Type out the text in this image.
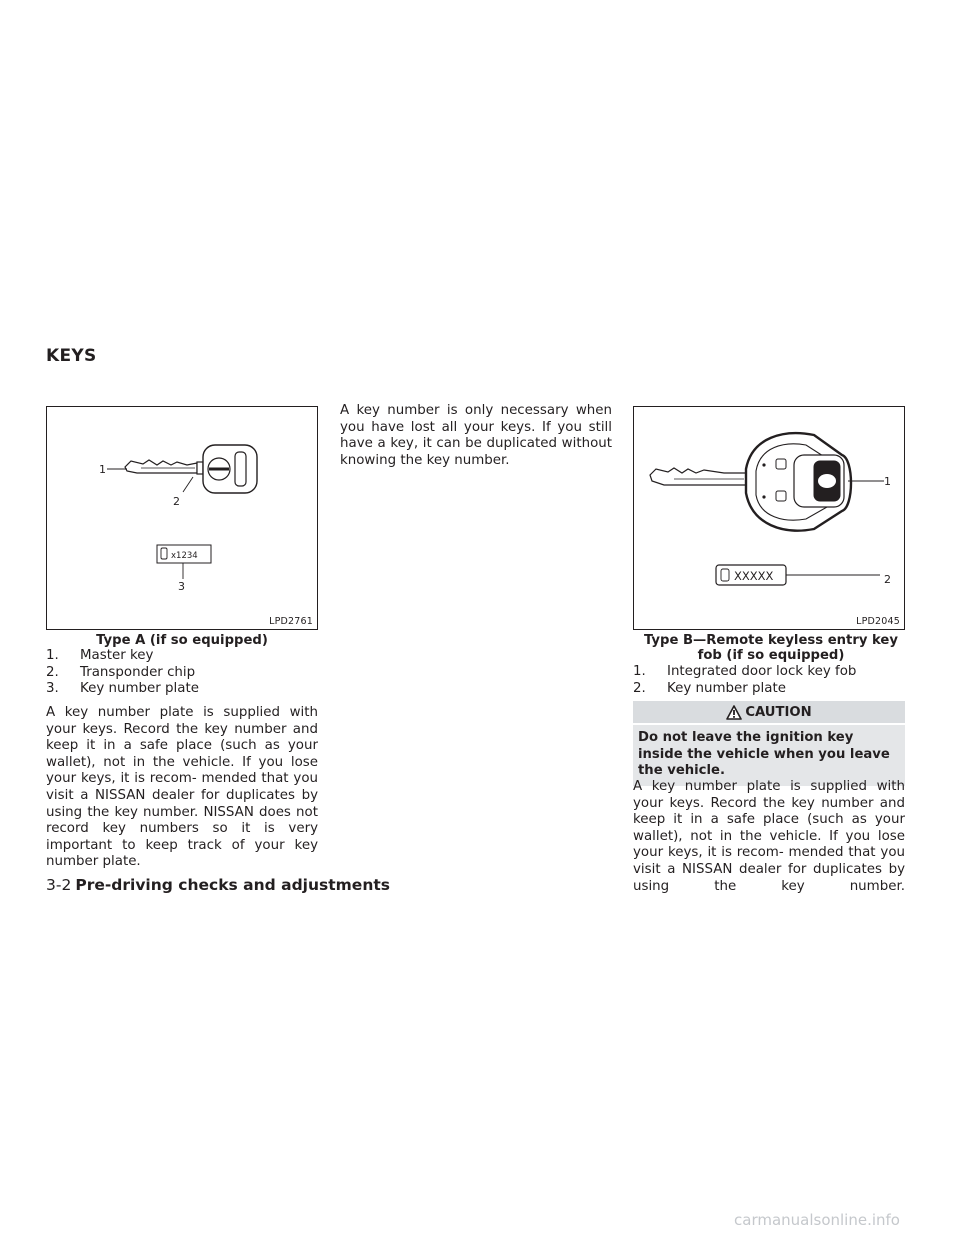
KEYS
x1234
1
2
3
LPD2761
Type A (if so equipped)
1.	Master key
2.	Transponder chip
3.	Key number plate

A key number plate is supplied with your keys. Record the key number and keep it in a safe place (such as your wallet), not in the vehicle. If you lose your keys, it is recom- mended that you visit a NISSAN dealer for duplicates by using the key number. NISSAN does not record key numbers so it is very important to keep track of your key number plate.

A key number is only necessary when you have lost all your keys. If you still have a key, it can be duplicated without knowing the key number.

XXXXX
1
2
LPD2045
Type B—Remote keyless entry key fob (if so equipped)
1.	Integrated door lock key fob
2.	Key number plate
CAUTION
Do not leave the ignition key inside the vehicle when you leave the vehicle.

A key number plate is supplied with your keys. Record the key number and keep it in a safe place (such as your wallet), not in the vehicle. If you lose your keys, it is recom- mended that you visit a NISSAN dealer for duplicates by using the key number.

3-2 Pre-driving checks and adjustments
carmanualsonline.info
